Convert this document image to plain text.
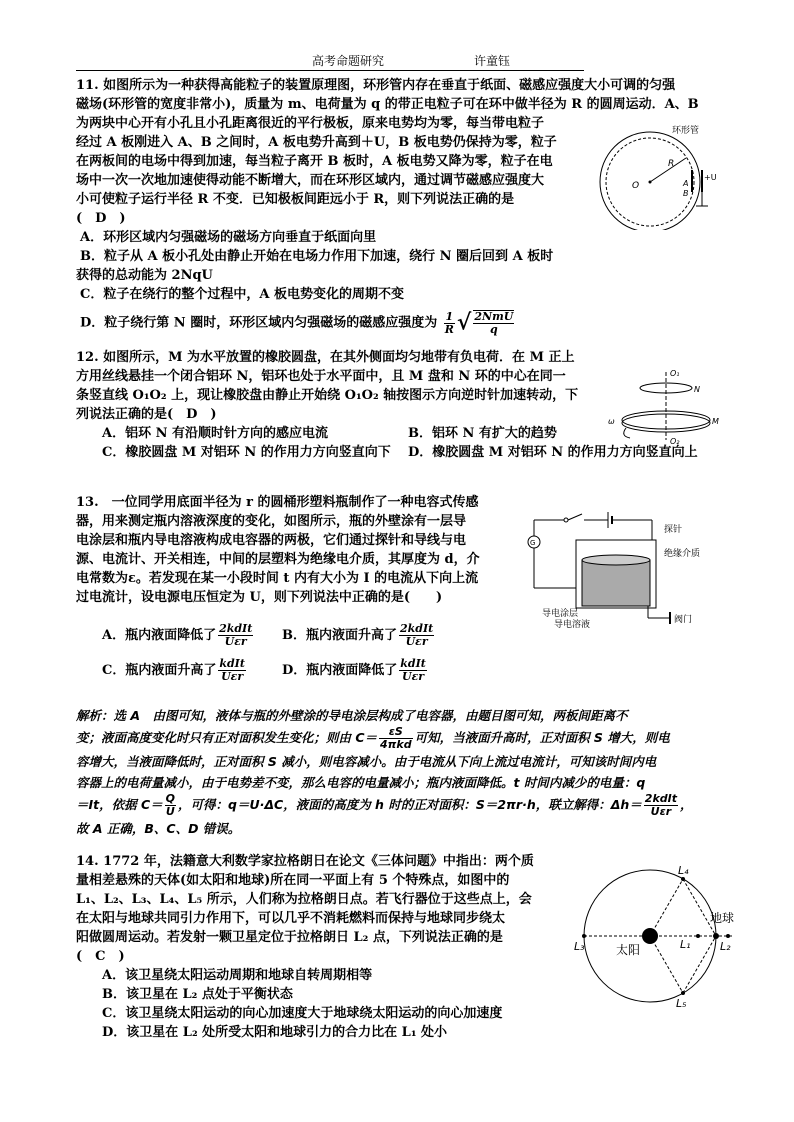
高考命题研究	许童钰

11. 如图所示为一种获得高能粒子的装置原理图，环形管内存在垂直于纸面、磁感应强度大小可调的匀强

磁场(环形管的宽度非常小)，质量为 m、电荷量为 q 的带正电粒子可在环中做半径为 R 的圆周运动．A、B

为两块中心开有小孔且小孔距离很近的平行极板，原来电势均为零，每当带电粒子

经过 A 板刚进入 A、B 之间时，A 板电势升高到＋U，B 板电势仍保持为零，粒子

在两板间的电场中得到加速，每当粒子离开 B 板时，A 板电势又降为零，粒子在电

场中一次一次地加速使得动能不断增大，而在环形区域内，通过调节磁感应强度大

小可使粒子运行半径 R 不变．已知极板间距远小于 R，则下列说法正确的是

(　D　)

A．环形区域内匀强磁场的磁场方向垂直于纸面向里

B．粒子从 A 板小孔处由静止开始在电场力作用下加速，绕行 N 圈后回到 A 板时

获得的总动能为 2NqU

C．粒子在绕行的整个过程中，A 板电势变化的周期不变

D．粒子绕行第 N 圈时，环形区域内匀强磁场的磁感应强度为 $\frac{1}{R}$ √ $\frac{\text{2NmU}}{q}$

环形管
R
O	A
B
+U

12. 如图所示，M 为水平放置的橡胶圆盘，在其外侧面均匀地带有负电荷．在 M 正上

方用丝线悬挂一个闭合铝环 N，铝环也处于水平面中，且 M 盘和 N 环的中心在同一

条竖直线 O₁O₂ 上，现让橡胶盘由静止开始绕 O₁O₂ 轴按图示方向逆时针加速转动，下

列说法正确的是(　D　)

A．铝环 N 有沿顺时针方向的感应电流	B．铝环 N 有扩大的趋势
C．橡胶圆盘 M 对铝环 N 的作用力方向竖直向下	D．橡胶圆盘 M 对铝环 N 的作用力方向竖直向上
O₁
O₂
N
M
ω

13.　一位同学用底面半径为 r 的圆桶形塑料瓶制作了一种电容式传感

器，用来测定瓶内溶液深度的变化，如图所示，瓶的外壁涂有一层导

电涂层和瓶内导电溶液构成电容器的两极，它们通过探针和导线与电

源、电流计、开关相连，中间的层塑料为绝缘电介质，其厚度为 d，介

电常数为ε。若发现在某一小段时间 t 内有大小为 I 的电流从下向上流

过电流计，设电源电压恒定为 U，则下列说法中正确的是(　　)

A．瓶内液面降低了 $\frac{\text{2kdIt}}{\text{Uεr}}$ B．瓶内液面升高了 $\frac{\text{2kdIt}}{\text{Uεr}}$
C．瓶内液面升高了 $\frac{\text{kdIt}}{\text{Uεr}}$	D．瓶内液面降低了 $\frac{\text{kdIt}}{\text{Uεr}}$
G
探针
绝缘介质
导电涂层
导电溶液	阀门

解析：选 A　由图可知，液体与瓶的外壁涂的导电涂层构成了电容器，由题目图可知，两板间距离不

变；液面高度变化时只有正对面积发生变化；则由 $C= \frac{\varepsilon S}{\text{4πkd}}$ 可知，当液面升高时，正对面积 S 增大，则电

容增大，当液面降低时，正对面积 S 减小，则电容减小。由于电流从下向上流过电流计，可知该时间内电

容器上的电荷量减小，由于电势差不变，那么电容的电量减小；瓶内液面降低。t 时间内减少的电量：q

＝It，依据 $C= \frac{Q}{U}$ ，可得：q＝U·ΔC，液面的高度为 h 时的正对面积：S＝2πr·h，联立解得：$\Delta h= \frac{\text{2kdIt}}{\text{Uεr}}$ ，

故 A 正确，B、C、D 错误。

14. 1772 年，法籍意大利数学家拉格朗日在论文《三体问题》中指出：两个质

量相差悬殊的天体(如太阳和地球)所在同一平面上有 5 个特殊点，如图中的

L₁、L₂、L₃、L₄、L₅ 所示，人们称为拉格朗日点。若飞行器位于这些点上，会

在太阳与地球共同引力作用下，可以几乎不消耗燃料而保持与地球同步绕太

阳做圆周运动。若发射一颗卫星定位于拉格朗日 L₂ 点，下列说法正确的是

(　C　)

A．该卫星绕太阳运动周期和地球自转周期相等

B．该卫星在 L₂ 点处于平衡状态

C．该卫星绕太阳运动的向心加速度大于地球绕太阳运动的向心加速度

D．该卫星在 L₂ 处所受太阳和地球引力的合力比在 L₁ 处小

太阳
地球
L₁	L₂
L₃
L₄
L₅
